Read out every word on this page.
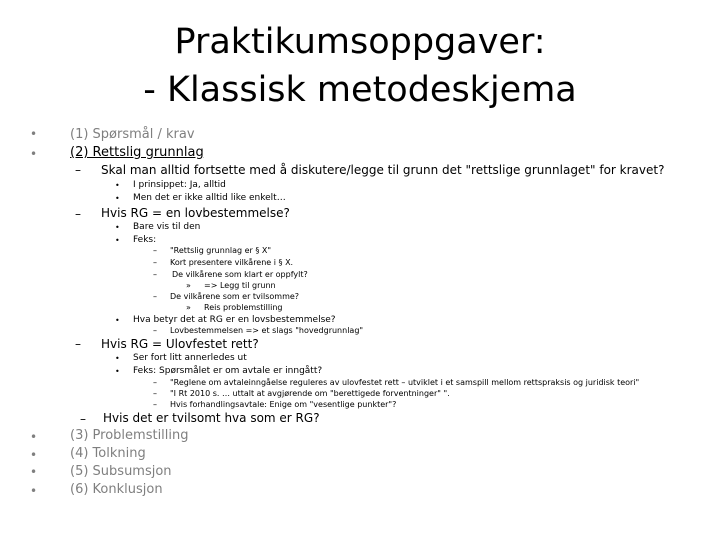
Praktikumsoppgaver:
- Klassisk metodeskjema
•	(1) Spørsmål / krav
•	(2) Rettslig grunnlag
– Skal man alltid fortsette med å diskutere/legge til grunn det "rettslige grunnlaget" for kravet?
• I prinsippet: Ja, alltid
• Men det er ikke alltid like enkelt…
– Hvis RG = en lovbestemmelse?
• Bare vis til den
• Feks:
– "Rettslig grunnlag er § X"
– Kort presentere vilkårene i § X.
– De vilkårene som klart er oppfylt?
» => Legg til grunn
– De vilkårene som er tvilsomme?
» Reis problemstilling
• Hva betyr det at RG er en lovsbestemmelse?
– Lovbestemmelsen => et slags "hovedgrunnlag"
– Hvis RG = Ulovfestet rett?
• Ser fort litt annerledes ut
• Feks: Spørsmålet er om avtale er inngått?
– "Reglene om avtaleinngåelse reguleres av ulovfestet rett – utviklet i et samspill mellom rettspraksis og juridisk teori"
– "I Rt 2010 s. … uttalt at avgjørende om "berettigede forventninger" ".
– Hvis forhandlingsavtale: Enige om "vesentlige punkter"?
– Hvis det er tvilsomt hva som er RG?
•	(3) Problemstilling
•	(4) Tolkning
•	(5) Subsumsjon
•	(6) Konklusjon
